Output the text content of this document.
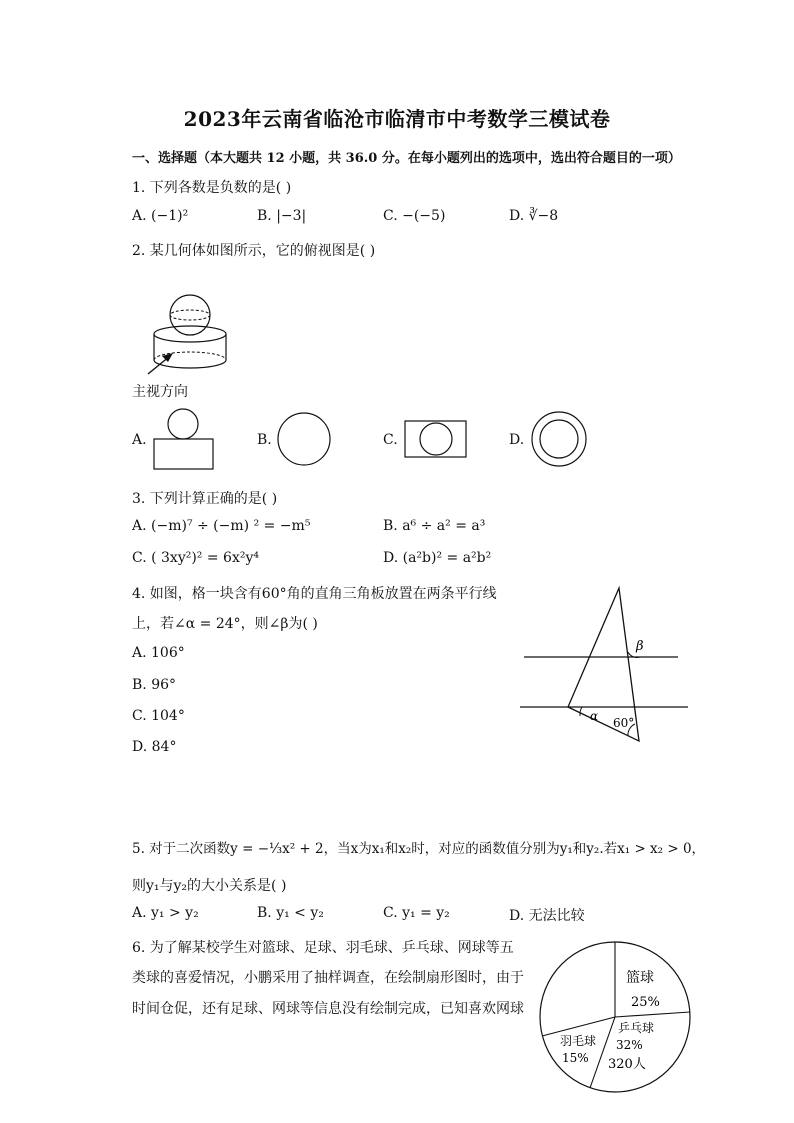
2023年云南省临沧市临清市中考数学三模试卷
一、选择题（本大题共 12 小题，共 36.0 分。在每小题列出的选项中，选出符合题目的一项）
1. 下列各数是负数的是( )
A. (−1)²	B. |−3|	C. −(−5)	D. ∛−8
2. 某几何体如图所示，它的俯视图是( )
主视方向
A.	B.	C.	D.
3. 下列计算正确的是( )
A. (−m)⁷ ÷ (−m) ² = −m⁵	B. a⁶ ÷ a² = a³
C. ( 3xy²)² = 6x²y⁴	D. (a²b)² = a²b²
4. 如图，格一块含有60°角的直角三角板放置在两条平行线
上，若∠α = 24°，则∠β为( )
A. 106°
B. 96°
C. 104°
D. 84°
β
α 60°
5. 对于二次函数y = −⅓x² + 2，当x为x₁和x₂时，对应的函数值分别为y₁和y₂.若x₁ > x₂ > 0，
则y₁与y₂的大小关系是( )
A. y₁ > y₂	B. y₁ < y₂	C. y₁ = y₂	D. 无法比较
6. 为了解某校学生对篮球、足球、羽毛球、乒乓球、网球等五
类球的喜爱情况，小鹏采用了抽样调查，在绘制扇形图时，由于
时间仓促，还有足球、网球等信息没有绘制完成，已知喜欢网球
篮球
25%
乒乓球
32%
320人
羽毛球
15%
